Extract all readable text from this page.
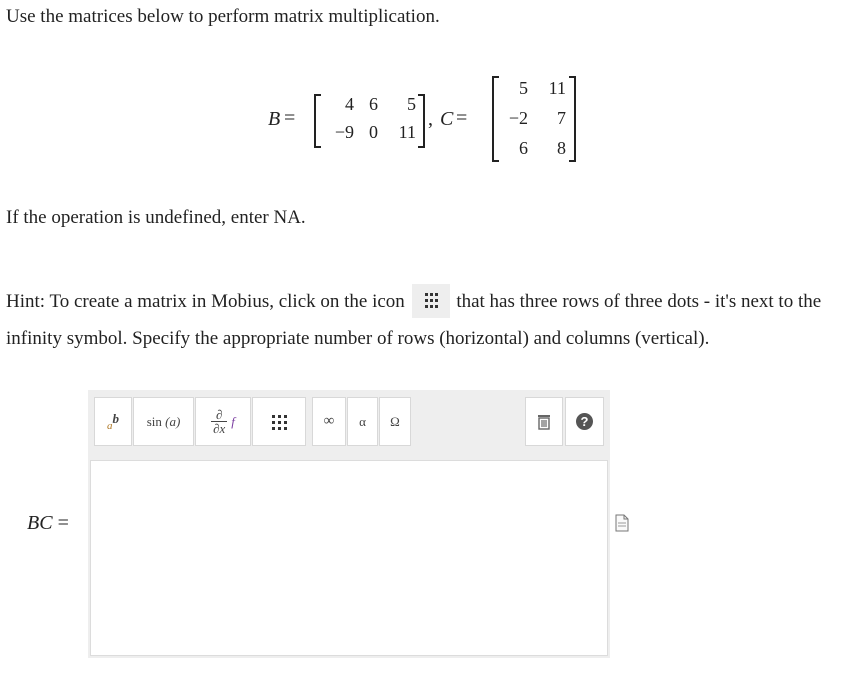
Use the matrices below to perform matrix multiplication.
B =
4 6	5
−9 0	11
, C =
5	11
−2	7
6	8
If the operation is undefined, enter NA.
Hint: To create a matrix in Mobius, click on the icon	that has three rows of three dots - it's next to the infinity symbol. Specify the appropriate number of rows (horizontal) and columns (vertical).
a b sin
(a)	∂
∂x f	∞ α Ω	?
BC =
